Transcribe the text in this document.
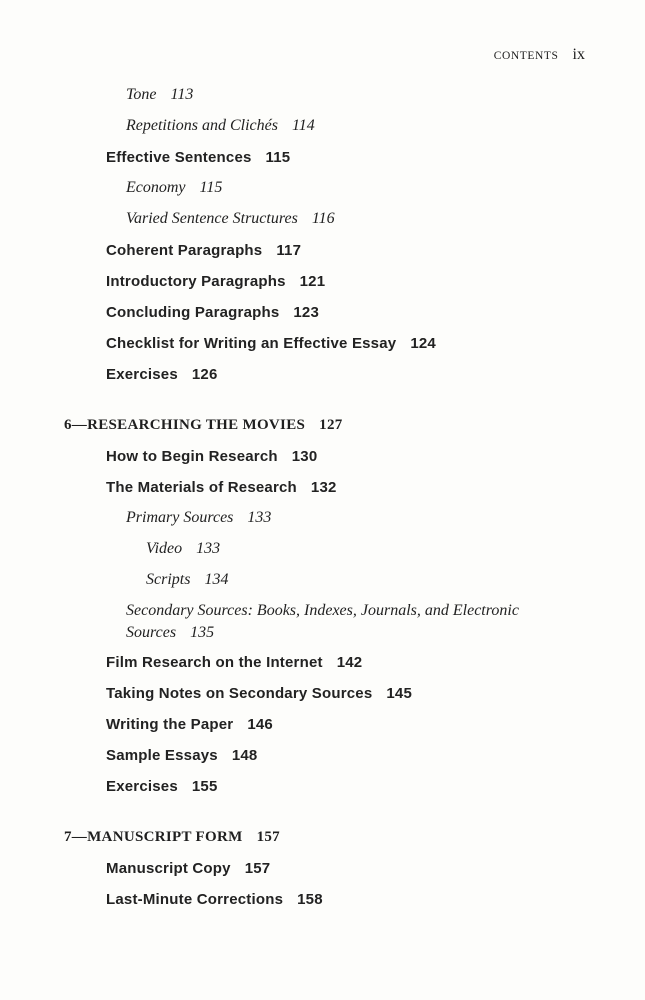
CONTENTS ix
Tone 113
Repetitions and Clichés 114
Effective Sentences 115
Economy 115
Varied Sentence Structures 116
Coherent Paragraphs 117
Introductory Paragraphs 121
Concluding Paragraphs 123
Checklist for Writing an Effective Essay 124
Exercises 126
6—RESEARCHING THE MOVIES 127
How to Begin Research 130
The Materials of Research 132
Primary Sources 133
Video 133
Scripts 134
Secondary Sources: Books, Indexes, Journals, and Electronic Sources 135
Film Research on the Internet 142
Taking Notes on Secondary Sources 145
Writing the Paper 146
Sample Essays 148
Exercises 155
7—MANUSCRIPT FORM 157
Manuscript Copy 157
Last-Minute Corrections 158
